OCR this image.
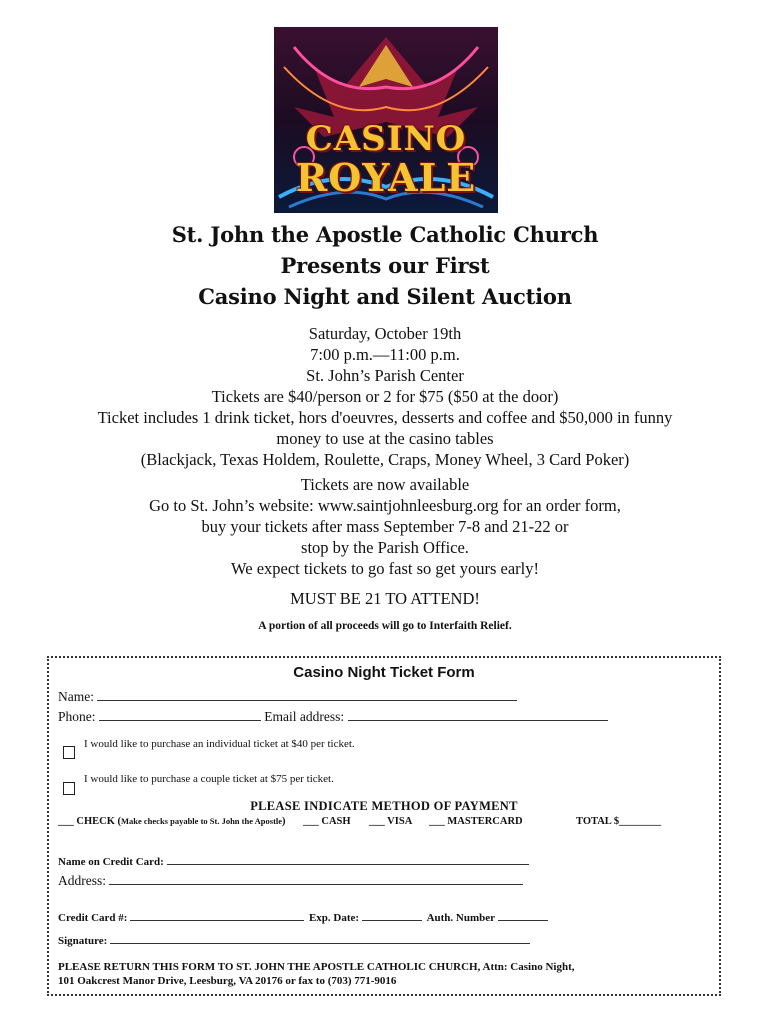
CASINO
ROYALE
St. John the Apostle Catholic Church
Presents our First
Casino Night and Silent Auction
Saturday, October 19th
7:00 p.m.—11:00 p.m.
St. John’s Parish Center
Tickets are $40/person or 2 for $75 ($50 at the door)
Ticket includes 1 drink ticket, hors d'oeuvres, desserts and coffee and $50,000 in funny
money to use at the casino tables
(Blackjack, Texas Holdem, Roulette, Craps, Money Wheel, 3 Card Poker)
Tickets are now available
Go to St. John’s website: www.saintjohnleesburg.org for an order form,
buy your tickets after mass September 7-8 and 21-22 or
stop by the Parish Office.
We expect tickets to go fast so get yours early!
MUST BE 21 TO ATTEND!
A portion of all proceeds will go to Interfaith Relief.
Casino Night Ticket Form
Name:
Phone:	Email address:
I would like to purchase an individual ticket at $40 per ticket.
I would like to purchase a couple ticket at $75 per ticket.
PLEASE INDICATE METHOD OF PAYMENT
___ CHECK (Make checks payable to St. John the Apostle) ___ CASH ___ VISA ___ MASTERCARD	TOTAL $________
Name on Credit Card:
Address:
Credit Card #:	Exp. Date:	Auth. Number
Signature:
PLEASE RETURN THIS FORM TO ST. JOHN THE APOSTLE CATHOLIC CHURCH, Attn: Casino Night,
101 Oakcrest Manor Drive, Leesburg, VA 20176 or fax to (703) 771-9016
